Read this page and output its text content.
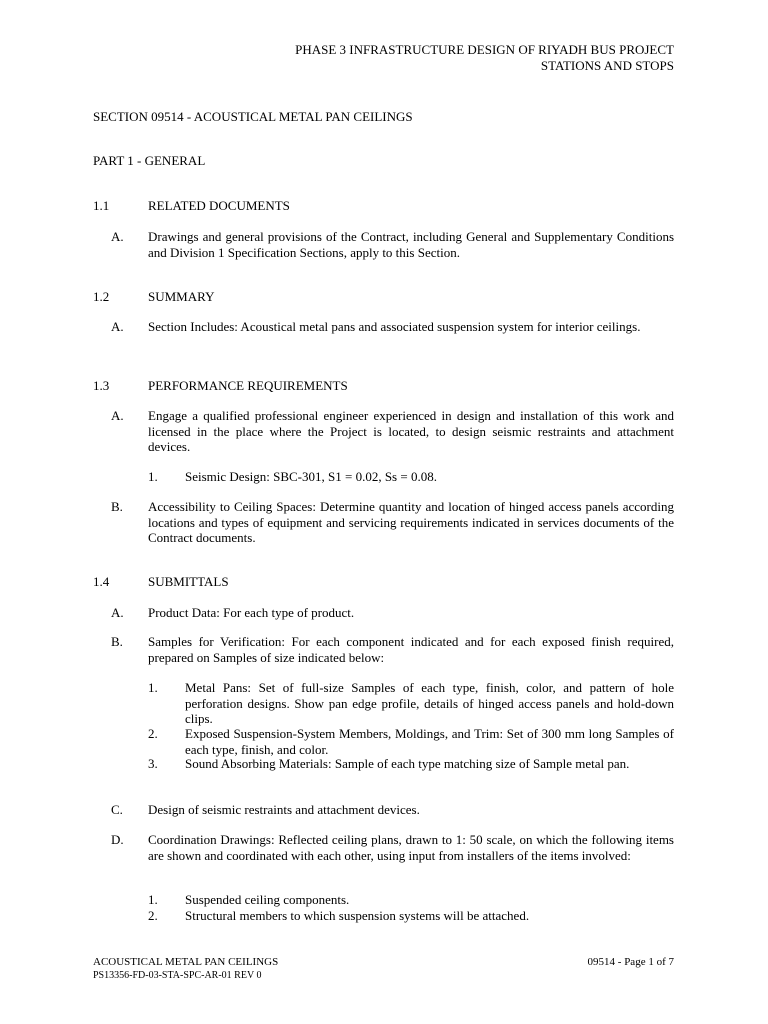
PHASE 3 INFRASTRUCTURE DESIGN OF RIYADH BUS PROJECT
STATIONS AND STOPS
SECTION 09514 - ACOUSTICAL METAL PAN CEILINGS
PART 1 - GENERAL
1.1	RELATED DOCUMENTS
A. Drawings and general provisions of the Contract, including General and Supplementary Conditions and Division 1 Specification Sections, apply to this Section.
1.2	SUMMARY
A. Section Includes: Acoustical metal pans and associated suspension system for interior ceilings.
1.3	PERFORMANCE REQUIREMENTS
A. Engage a qualified professional engineer experienced in design and installation of this work and licensed in the place where the Project is located, to design seismic restraints and attachment devices.
1. Seismic Design: SBC-301, S1 = 0.02, Ss = 0.08.
B. Accessibility to Ceiling Spaces: Determine quantity and location of hinged access panels according locations and types of equipment and servicing requirements indicated in services documents of the Contract documents.
1.4	SUBMITTALS
A. Product Data: For each type of product.
B. Samples for Verification: For each component indicated and for each exposed finish required, prepared on Samples of size indicated below:
1. Metal Pans: Set of full-size Samples of each type, finish, color, and pattern of hole perforation designs. Show pan edge profile, details of hinged access panels and hold-down clips.
2. Exposed Suspension-System Members, Moldings, and Trim: Set of 300 mm long Samples of each type, finish, and color.
3. Sound Absorbing Materials: Sample of each type matching size of Sample metal pan.
C. Design of seismic restraints and attachment devices.
D. Coordination Drawings: Reflected ceiling plans, drawn to 1: 50 scale, on which the following items are shown and coordinated with each other, using input from installers of the items involved:
1. Suspended ceiling components.
2. Structural members to which suspension systems will be attached.
ACOUSTICAL METAL PAN CEILINGS
PS13356-FD-03-STA-SPC-AR-01 REV 0
09514 - Page 1 of 7
